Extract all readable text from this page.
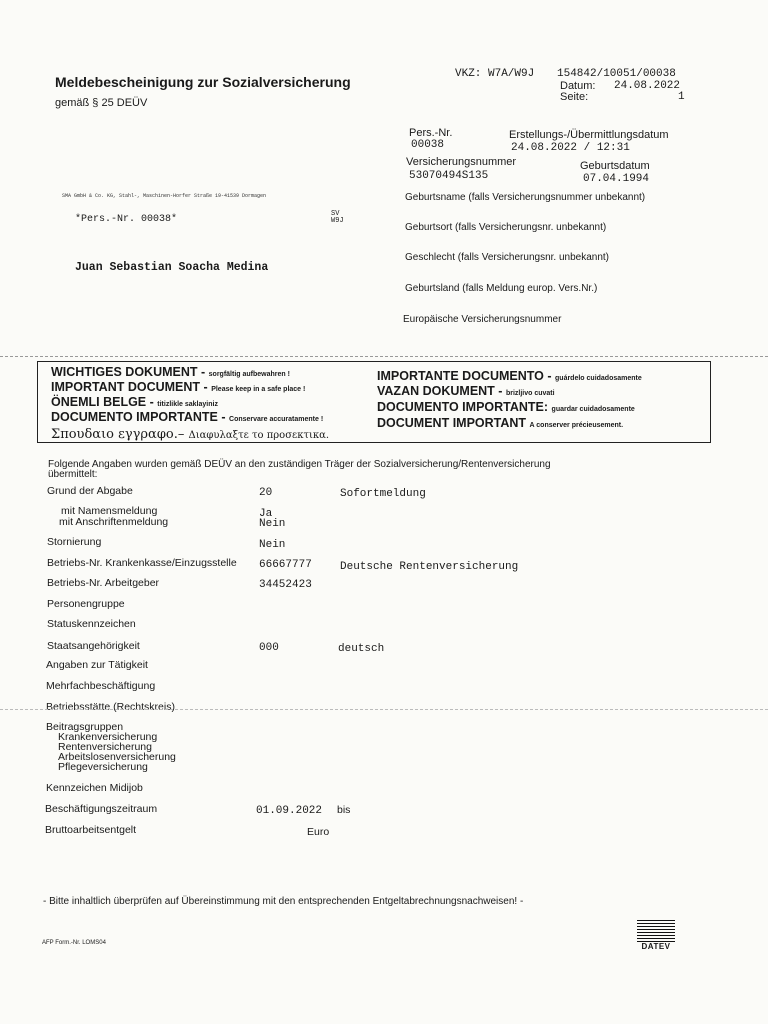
Meldebescheinigung zur Sozialversicherung
gemäß § 25 DEÜV
VKZ: W7A/W9J 154842/10051/00038
Datum: 24.08.2022
Seite:	1
Pers.-Nr.	Erstellungs-/Übermittlungsdatum
00038	24.08.2022 / 12:31
Versicherungsnummer	Geburtsdatum
53070494S135	07.04.1994
Geburtsname (falls Versicherungsnummer unbekannt)
Geburtsort (falls Versicherungsnr. unbekannt)
Geschlecht (falls Versicherungsnr. unbekannt)
Geburtsland (falls Meldung europ. Vers.Nr.)
Europäische Versicherungsnummer
SMA GmbH & Co. KG, Stahl-, Maschinen-Horfer Straße 19-41539 Dormagen
*Pers.-Nr. 00038*	SV
W9J
Juan Sebastian Soacha Medina
WICHTIGES DOKUMENT - sorgfältig aufbewahren !
IMPORTANT DOCUMENT - Please keep in a safe place !
ÖNEMLI BELGE - titizlikle saklayiniz
DOCUMENTO IMPORTANTE - Conservare accuratamente !
Σπουδαιο εγγραφο.– Διαφυλαξτε το προσεκτικα.
IMPORTANTE DOCUMENTO - guárdelo cuidadosamente
VAZAN DOKUMENT - brizljivo cuvati
DOCUMENTO IMPORTANTE: guardar cuidadosamente
DOCUMENT IMPORTANT A conserver précieusement.
Folgende Angaben wurden gemäß DEÜV an den zuständigen Träger der Sozialversicherung/Rentenversicherung
übermittelt:
Grund der Abgabe	20	Sofortmeldung
mit Namensmeldung	Ja
mit Anschriftenmeldung	Nein
Stornierung	Nein
Betriebs-Nr. Krankenkasse/Einzugsstelle 66667777	Deutsche Rentenversicherung
Betriebs-Nr. Arbeitgeber	34452423
Personengruppe
Statuskennzeichen
Staatsangehörigkeit	000	deutsch
Angaben zur Tätigkeit
Mehrfachbeschäftigung
Betriebsstätte (Rechtskreis)
Beitragsgruppen
Krankenversicherung
Rentenversicherung
Arbeitslosenversicherung
Pflegeversicherung
Kennzeichen Midijob
Beschäftigungszeitraum	01.09.2022 bis
Bruttoarbeitsentgelt	Euro
- Bitte inhaltlich überprüfen auf Übereinstimmung mit den entsprechenden Entgeltabrechnungsnachweisen! -
AFP Form.-Nr. LOMS04	DATEV
